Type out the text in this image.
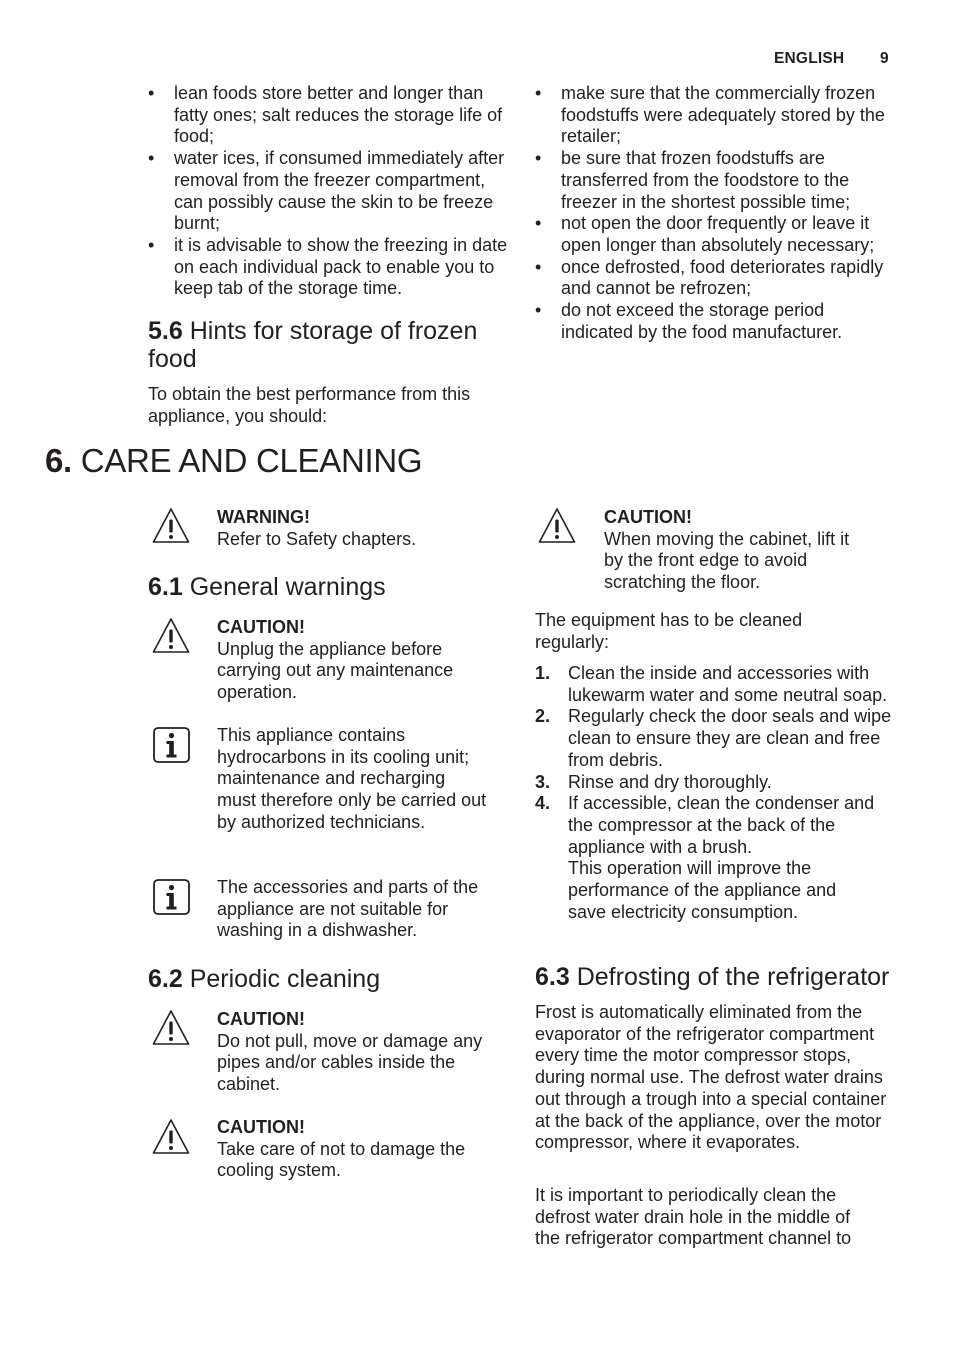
ENGLISH 9
• lean foods store better and longer than fatty ones; salt reduces the storage life of food;
• water ices, if consumed immediately after removal from the freezer compartment, can possibly cause the skin to be freeze burnt;
• it is advisable to show the freezing in date on each individual pack to enable you to keep tab of the storage time.
5.6 Hints for storage of frozen food

To obtain the best performance from this appliance, you should:

• make sure that the commercially frozen foodstuffs were adequately stored by the retailer;
• be sure that frozen foodstuffs are transferred from the foodstore to the freezer in the shortest possible time;
• not open the door frequently or leave it open longer than absolutely necessary;
• once defrosted, food deteriorates rapidly and cannot be refrozen;
• do not exceed the storage period indicated by the food manufacturer.
6. CARE AND CLEANING
WARNING!
Refer to Safety chapters.
6.1 General warnings
CAUTION!
Unplug the appliance before carrying out any maintenance operation.

This appliance contains hydrocarbons in its cooling unit; maintenance and recharging must therefore only be carried out by authorized technicians.

The accessories and parts of the appliance are not suitable for washing in a dishwasher.

6.2 Periodic cleaning
CAUTION!
Do not pull, move or damage any pipes and/or cables inside the cabinet.
CAUTION!
Take care of not to damage the cooling system.
CAUTION!
When moving the cabinet, lift it by the front edge to avoid scratching the floor.

The equipment has to be cleaned regularly:

1. Clean the inside and accessories with lukewarm water and some neutral soap.
2. Regularly check the door seals and wipe clean to ensure they are clean and free from debris.
3. Rinse and dry thoroughly.
4. If accessible, clean the condenser and the compressor at the back of the appliance with a brush.
This operation will improve the performance of the appliance and save electricity consumption.
6.3 Defrosting of the refrigerator

Frost is automatically eliminated from the evaporator of the refrigerator compartment every time the motor compressor stops, during normal use. The defrost water drains out through a trough into a special container at the back of the appliance, over the motor compressor, where it evaporates.

It is important to periodically clean the defrost water drain hole in the middle of the refrigerator compartment channel to
